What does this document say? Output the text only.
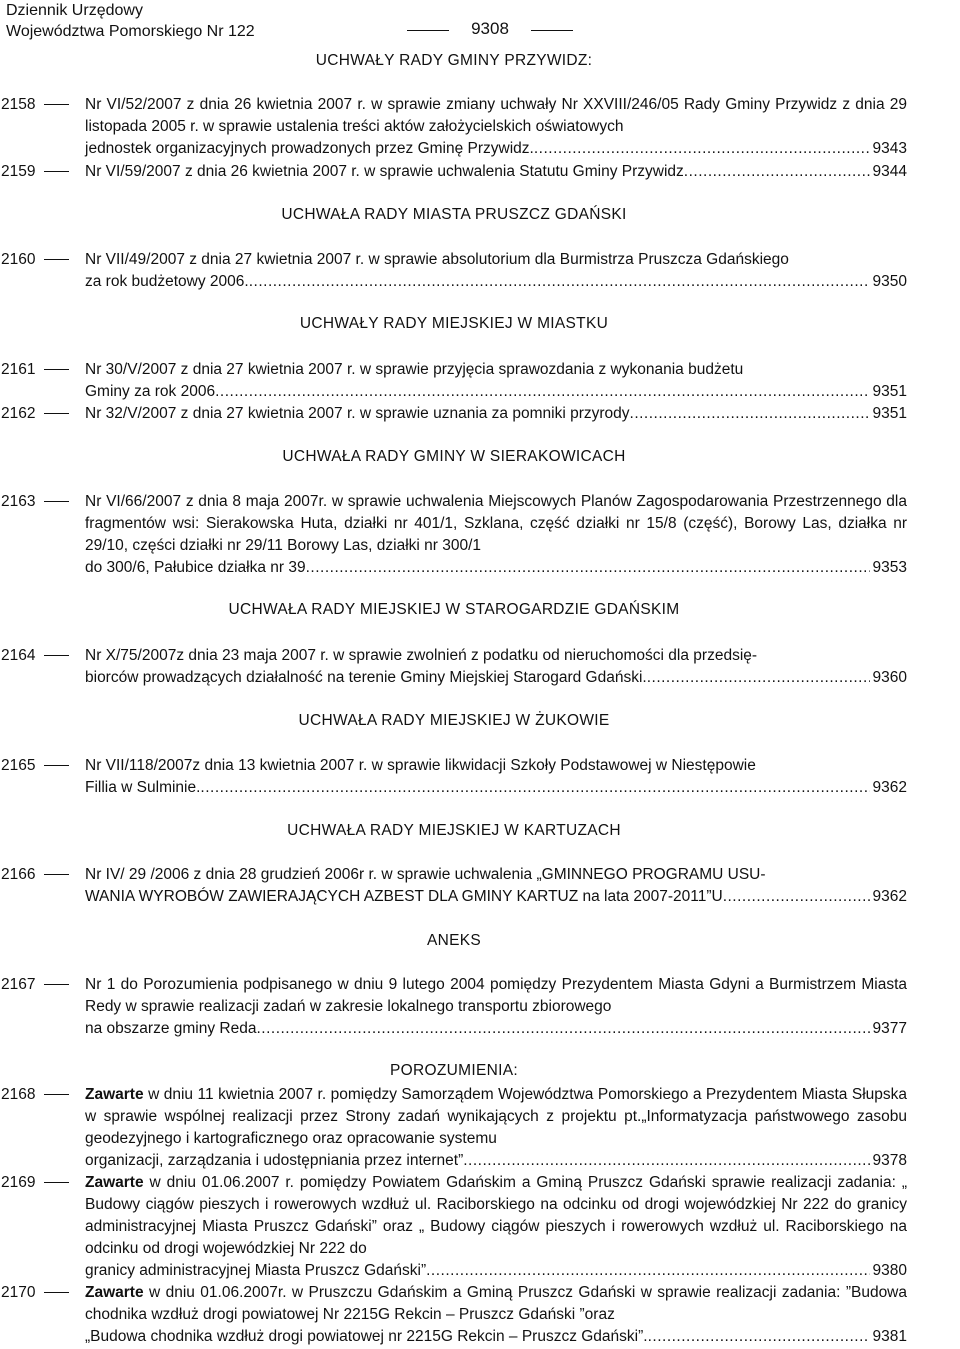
Dziennik Urzędowy
Województwa Pomorskiego Nr 122	9308
UCHWAŁY RADY GMINY PRZYWIDZ:
2158	Nr VI/52/2007 z dnia 26 kwietnia 2007 r. w sprawie zmiany uchwały Nr XXVIII/246/05 Rady Gminy Przywidz z dnia 29 listopada 2005 r. w sprawie ustalenia treści aktów założycielskich oświatowych
jednostek organizacyjnych prowadzonych przez Gminę Przywidz. .....	9343
2159	Nr VI/59/2007 z dnia 26 kwietnia 2007 r. w sprawie uchwalenia Statutu Gminy Przywidz .....	9344
UCHWAŁA RADY MIASTA PRUSZCZ GDAŃSKI
2160	Nr VII/49/2007 z dnia 27 kwietnia 2007 r. w sprawie absolutorium dla Burmistrza Pruszcza Gdańskiego
za rok budżetowy 2006. .....	9350
UCHWAŁY RADY MIEJSKIEJ W MIASTKU
2161	Nr 30/V/2007 z dnia 27 kwietnia 2007 r. w sprawie przyjęcia sprawozdania z wykonania budżetu
Gminy za rok 2006 .....	9351
2162	Nr 32/V/2007 z dnia 27 kwietnia 2007 r. w sprawie uznania za pomniki przyrody .....	9351
UCHWAŁA RADY GMINY W SIERAKOWICACH
2163	Nr VI/66/2007 z dnia 8 maja 2007r. w sprawie uchwalenia Miejscowych Planów Zagospodarowania Przestrzennego dla fragmentów wsi: Sierakowska Huta, działki nr 401/1, Szklana, część działki nr 15/8 (część), Borowy Las, działka nr 29/10, części działki nr 29/11 Borowy Las, działki nr 300/1
do 300/6, Pałubice działka nr 39 .....	9353
UCHWAŁA RADY MIEJSKIEJ W STAROGARDZIE GDAŃSKIM
2164	Nr X/75/2007z dnia 23 maja 2007 r. w sprawie zwolnień z podatku od nieruchomości dla przedsię-
biorców prowadzących działalność na terenie Gminy Miejskiej Starogard Gdański. .....	9360
UCHWAŁA RADY MIEJSKIEJ W ŻUKOWIE
2165	Nr VII/118/2007z dnia 13 kwietnia 2007 r. w sprawie likwidacji Szkoły Podstawowej w Niestępowie
Fillia w Sulminie. .....	9362
UCHWAŁA RADY MIEJSKIEJ W KARTUZACH
2166	Nr IV/ 29 /2006 z dnia 28 grudzień 2006r r. w sprawie uchwalenia „GMINNEGO PROGRAMU USU-
WANIA WYROBÓW ZAWIERAJĄCYCH AZBEST DLA GMINY KARTUZ na lata 2007-2011”U .....	9362
ANEKS
2167	Nr 1 do Porozumienia podpisanego w dniu 9 lutego 2004 pomiędzy Prezydentem Miasta Gdyni a Burmistrzem Miasta Redy w sprawie realizacji zadań w zakresie lokalnego transportu zbiorowego
na obszarze gminy Reda .....	9377
POROZUMIENIA:
2168	Zawarte w dniu 11 kwietnia 2007 r. pomiędzy Samorządem Województwa Pomorskiego a Prezydentem Miasta Słupska w sprawie wspólnej realizacji przez Strony zadań wynikających z projektu pt.„Informatyzacja państwowego zasobu geodezyjnego i kartograficznego oraz opracowanie systemu
organizacji, zarządzania i udostępniania przez internet” .....	9378
2169	Zawarte w dniu 01.06.2007 r. pomiędzy Powiatem Gdańskim a Gminą Pruszcz Gdański sprawie realizacji zadania: „ Budowy ciągów pieszych i rowerowych wzdłuż ul. Raciborskiego na odcinku od drogi wojewódzkiej Nr 222 do granicy administracyjnej Miasta Pruszcz Gdański” oraz „ Budowy ciągów pieszych i rowerowych wzdłuż ul. Raciborskiego na odcinku od drogi wojewódzkiej Nr 222 do
granicy administracyjnej Miasta Pruszcz Gdański” .....	9380
2170	Zawarte w dniu 01.06.2007r. w Pruszczu Gdańskim a Gminą Pruszcz Gdański w sprawie realizacji zadania: ”Budowa chodnika wzdłuż drogi powiatowej Nr 2215G Rekcin – Pruszcz Gdański ”oraz
„Budowa chodnika wzdłuż drogi powiatowej nr 2215G Rekcin – Pruszcz Gdański”. .....	9381
